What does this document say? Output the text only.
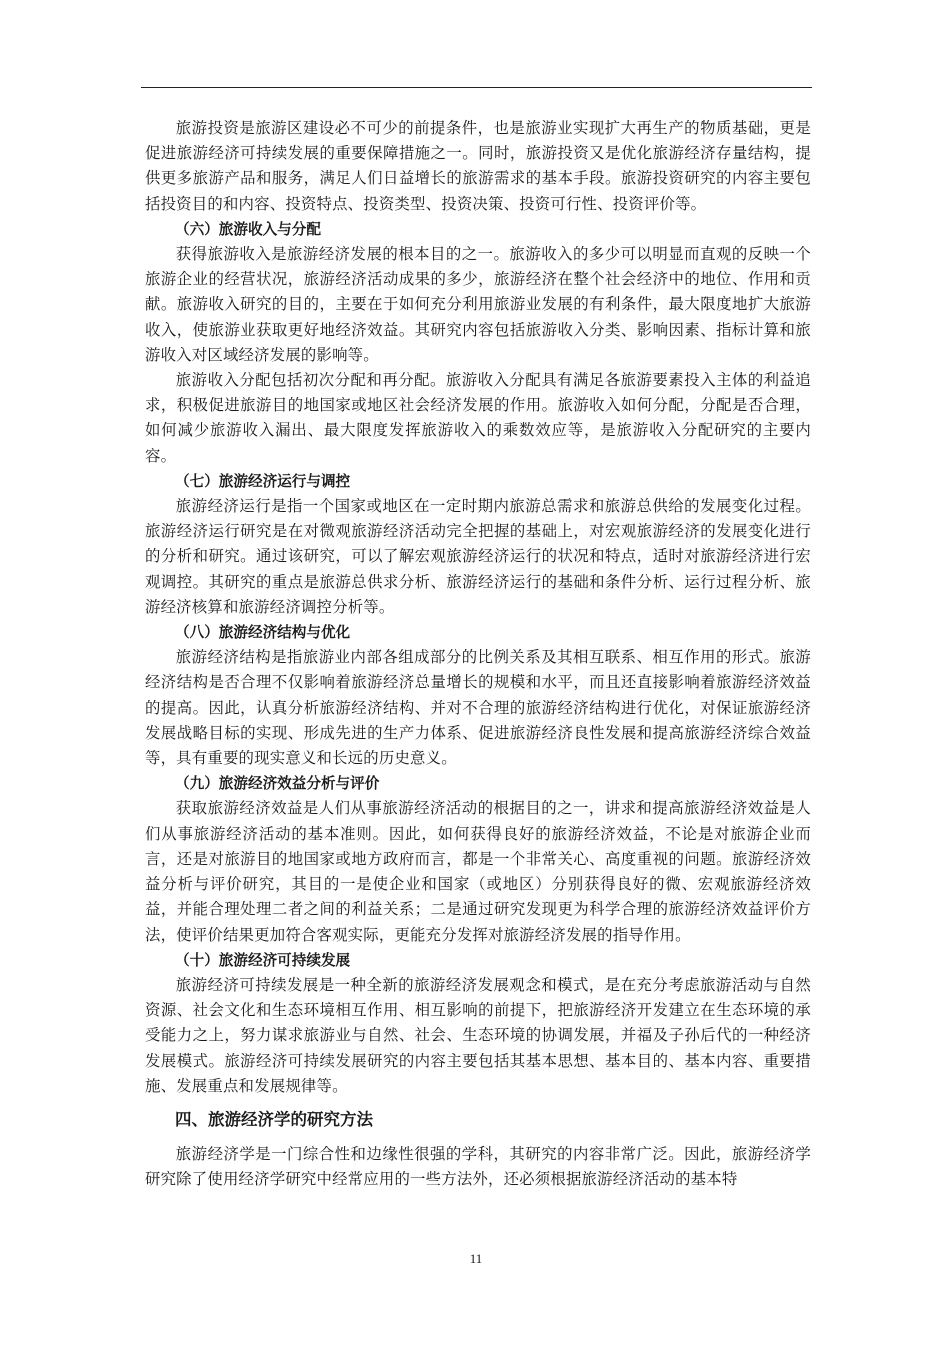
旅游投资是旅游区建设必不可少的前提条件，也是旅游业实现扩大再生产的物质基础，更是促进旅游经济可持续发展的重要保障措施之一。同时，旅游投资又是优化旅游经济存量结构，提供更多旅游产品和服务，满足人们日益增长的旅游需求的基本手段。旅游投资研究的内容主要包括投资目的和内容、投资特点、投资类型、投资决策、投资可行性、投资评价等。

（六）旅游收入与分配

获得旅游收入是旅游经济发展的根本目的之一。旅游收入的多少可以明显而直观的反映一个旅游企业的经营状况，旅游经济活动成果的多少，旅游经济在整个社会经济中的地位、作用和贡献。旅游收入研究的目的，主要在于如何充分利用旅游业发展的有利条件，最大限度地扩大旅游收入，使旅游业获取更好地经济效益。其研究内容包括旅游收入分类、影响因素、指标计算和旅游收入对区域经济发展的影响等。

旅游收入分配包括初次分配和再分配。旅游收入分配具有满足各旅游要素投入主体的利益追求，积极促进旅游目的地国家或地区社会经济发展的作用。旅游收入如何分配，分配是否合理，如何减少旅游收入漏出、最大限度发挥旅游收入的乘数效应等，是旅游收入分配研究的主要内容。

（七）旅游经济运行与调控

旅游经济运行是指一个国家或地区在一定时期内旅游总需求和旅游总供给的发展变化过程。旅游经济运行研究是在对微观旅游经济活动完全把握的基础上，对宏观旅游经济的发展变化进行的分析和研究。通过该研究，可以了解宏观旅游经济运行的状况和特点，适时对旅游经济进行宏观调控。其研究的重点是旅游总供求分析、旅游经济运行的基础和条件分析、运行过程分析、旅游经济核算和旅游经济调控分析等。

（八）旅游经济结构与优化

旅游经济结构是指旅游业内部各组成部分的比例关系及其相互联系、相互作用的形式。旅游经济结构是否合理不仅影响着旅游经济总量增长的规模和水平，而且还直接影响着旅游经济效益的提高。因此，认真分析旅游经济结构、并对不合理的旅游经济结构进行优化，对保证旅游经济发展战略目标的实现、形成先进的生产力体系、促进旅游经济良性发展和提高旅游经济综合效益等，具有重要的现实意义和长远的历史意义。

（九）旅游经济效益分析与评价

获取旅游经济效益是人们从事旅游经济活动的根据目的之一，讲求和提高旅游经济效益是人们从事旅游经济活动的基本准则。因此，如何获得良好的旅游经济效益，不论是对旅游企业而言，还是对旅游目的地国家或地方政府而言，都是一个非常关心、高度重视的问题。旅游经济效益分析与评价研究，其目的一是使企业和国家（或地区）分别获得良好的微、宏观旅游经济效益，并能合理处理二者之间的利益关系；二是通过研究发现更为科学合理的旅游经济效益评价方法，使评价结果更加符合客观实际，更能充分发挥对旅游经济发展的指导作用。

（十）旅游经济可持续发展

旅游经济可持续发展是一种全新的旅游经济发展观念和模式，是在充分考虑旅游活动与自然资源、社会文化和生态环境相互作用、相互影响的前提下，把旅游经济开发建立在生态环境的承受能力之上，努力谋求旅游业与自然、社会、生态环境的协调发展，并福及子孙后代的一种经济发展模式。旅游经济可持续发展研究的内容主要包括其基本思想、基本目的、基本内容、重要措施、发展重点和发展规律等。

四、旅游经济学的研究方法

旅游经济学是一门综合性和边缘性很强的学科，其研究的内容非常广泛。因此，旅游经济学研究除了使用经济学研究中经常应用的一些方法外，还必须根据旅游经济活动的基本特

11
